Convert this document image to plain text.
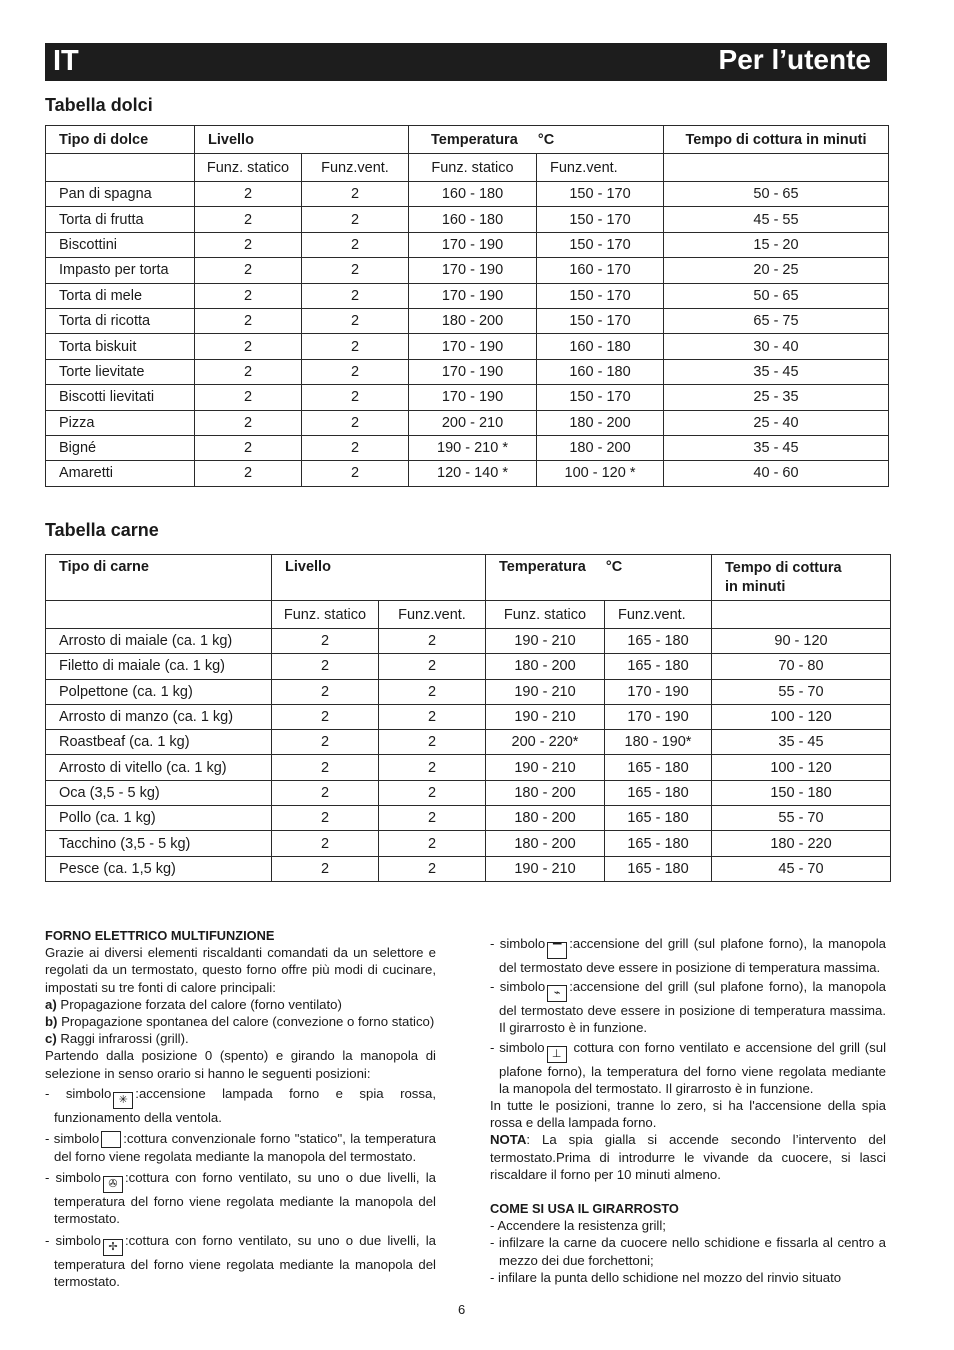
IT	Per l’utente
Tabella dolci
Tipo di dolce	Livello		Temperatura     °C		Tempo di cottura in minuti
	Funz. statico	Funz.vent.	Funz. statico	Funz.vent.	
Pan di spagna	2	2	160 - 180	150 - 170	50 - 65
Torta di frutta	2	2	160 - 180	150 - 170	45 - 55
Biscottini	2	2	170 - 190	150 - 170	15 - 20
Impasto per torta	2	2	170 - 190	160 - 170	20 - 25
Torta di mele	2	2	170 - 190	150 - 170	50 - 65
Torta di ricotta	2	2	180 - 200	150 - 170	65 - 75
Torta biskuit	2	2	170 - 190	160 - 180	30 - 40
Torte lievitate	2	2	170 - 190	160 - 180	35 - 45
Biscotti lievitati	2	2	170 - 190	150 - 170	25 - 35
Pizza	2	2	200 - 210	180 - 200	25 - 40
Bigné	2	2	190 - 210 *	180 - 200	35 - 45
Amaretti	2	2	120 - 140 *	100 - 120 *	40 - 60
Tabella carne
Tipo di carne	Livello		Temperatura     °C		Tempo di cottura
in minuti
	Funz. statico	Funz.vent.	Funz. statico	Funz.vent.	
Arrosto di maiale (ca. 1 kg)	2	2	190 - 210	165 - 180	90 - 120
Filetto di maiale (ca. 1 kg)	2	2	180 - 200	165 - 180	70 - 80
Polpettone (ca. 1 kg)	2	2	190 - 210	170 - 190	55 - 70
Arrosto di manzo (ca. 1 kg)	2	2	190 - 210	170 - 190	100 - 120
Roastbeaf (ca. 1 kg)	2	2	200 - 220*	180 - 190*	35 - 45
Arrosto di vitello (ca. 1 kg)	2	2	190 - 210	165 - 180	100 - 120
Oca (3,5 - 5 kg)	2	2	180 - 200	165 - 180	150 - 180
Pollo (ca. 1 kg)	2	2	180 - 200	165 - 180	55 - 70
Tacchino (3,5 - 5 kg)	2	2	180 - 200	165 - 180	180 - 220
Pesce (ca. 1,5 kg)	2	2	190 - 210	165 - 180	45 - 70

FORNO ELETTRICO MULTIFUNZIONE

Grazie ai diversi elementi riscaldanti comandati da un selettore e regolati da un termostato, questo forno offre più modi di cucinare, impostati su tre fonti di calore principali:

a) Propagazione forzata del calore (forno ventilato)

b) Propagazione spontanea del calore (convezione o forno statico)

c) Raggi infrarossi (grill).

Partendo dalla posizione 0 (spento) e girando la manopola di selezione in senso orario si hanno le seguenti posizioni:

- simbolo ✳ :accensione lampada forno e spia rossa, funzionamento della ventola.

- simbolo :cottura convenzionale forno "statico", la temperatura del forno viene regolata mediante la manopola del termostato.

- simbolo ✇ :cottura con forno ventilato, su uno o due livelli, la temperatura del forno viene regolata mediante la manopola del termostato.

- simbolo ✢ :cottura con forno ventilato, su uno o due livelli, la temperatura del forno viene regolata mediante la manopola del termostato.

- simbolo ▔ :accensione del grill (sul plafone forno), la manopola del termostato deve essere in posizione di temperatura massima.

- simbolo ⌁ :accensione del grill (sul plafone forno), la manopola del termostato deve essere in posizione di temperatura massima. Il girarrosto è in funzione.

- simbolo ⊥ cottura con forno ventilato e accensione del grill (sul plafone forno), la temperatura del forno viene regolata mediante la manopola del termostato. Il girarrosto è in funzione.

In tutte le posizioni, tranne lo zero, si ha l'accensione della spia rossa e della lampada forno.

NOTA: La spia gialla si accende secondo l’intervento del termostato.Prima di introdurre le vivande da cuocere, si lasci riscaldare il forno per 10 minuti almeno.

COME SI USA IL GIRARROSTO

- Accendere la resistenza grill;

- infilzare la carne da cuocere nello schidione e fissarla al centro a mezzo dei due forchettoni;

- infilare la punta dello schidione nel mozzo del rinvio situato

6
